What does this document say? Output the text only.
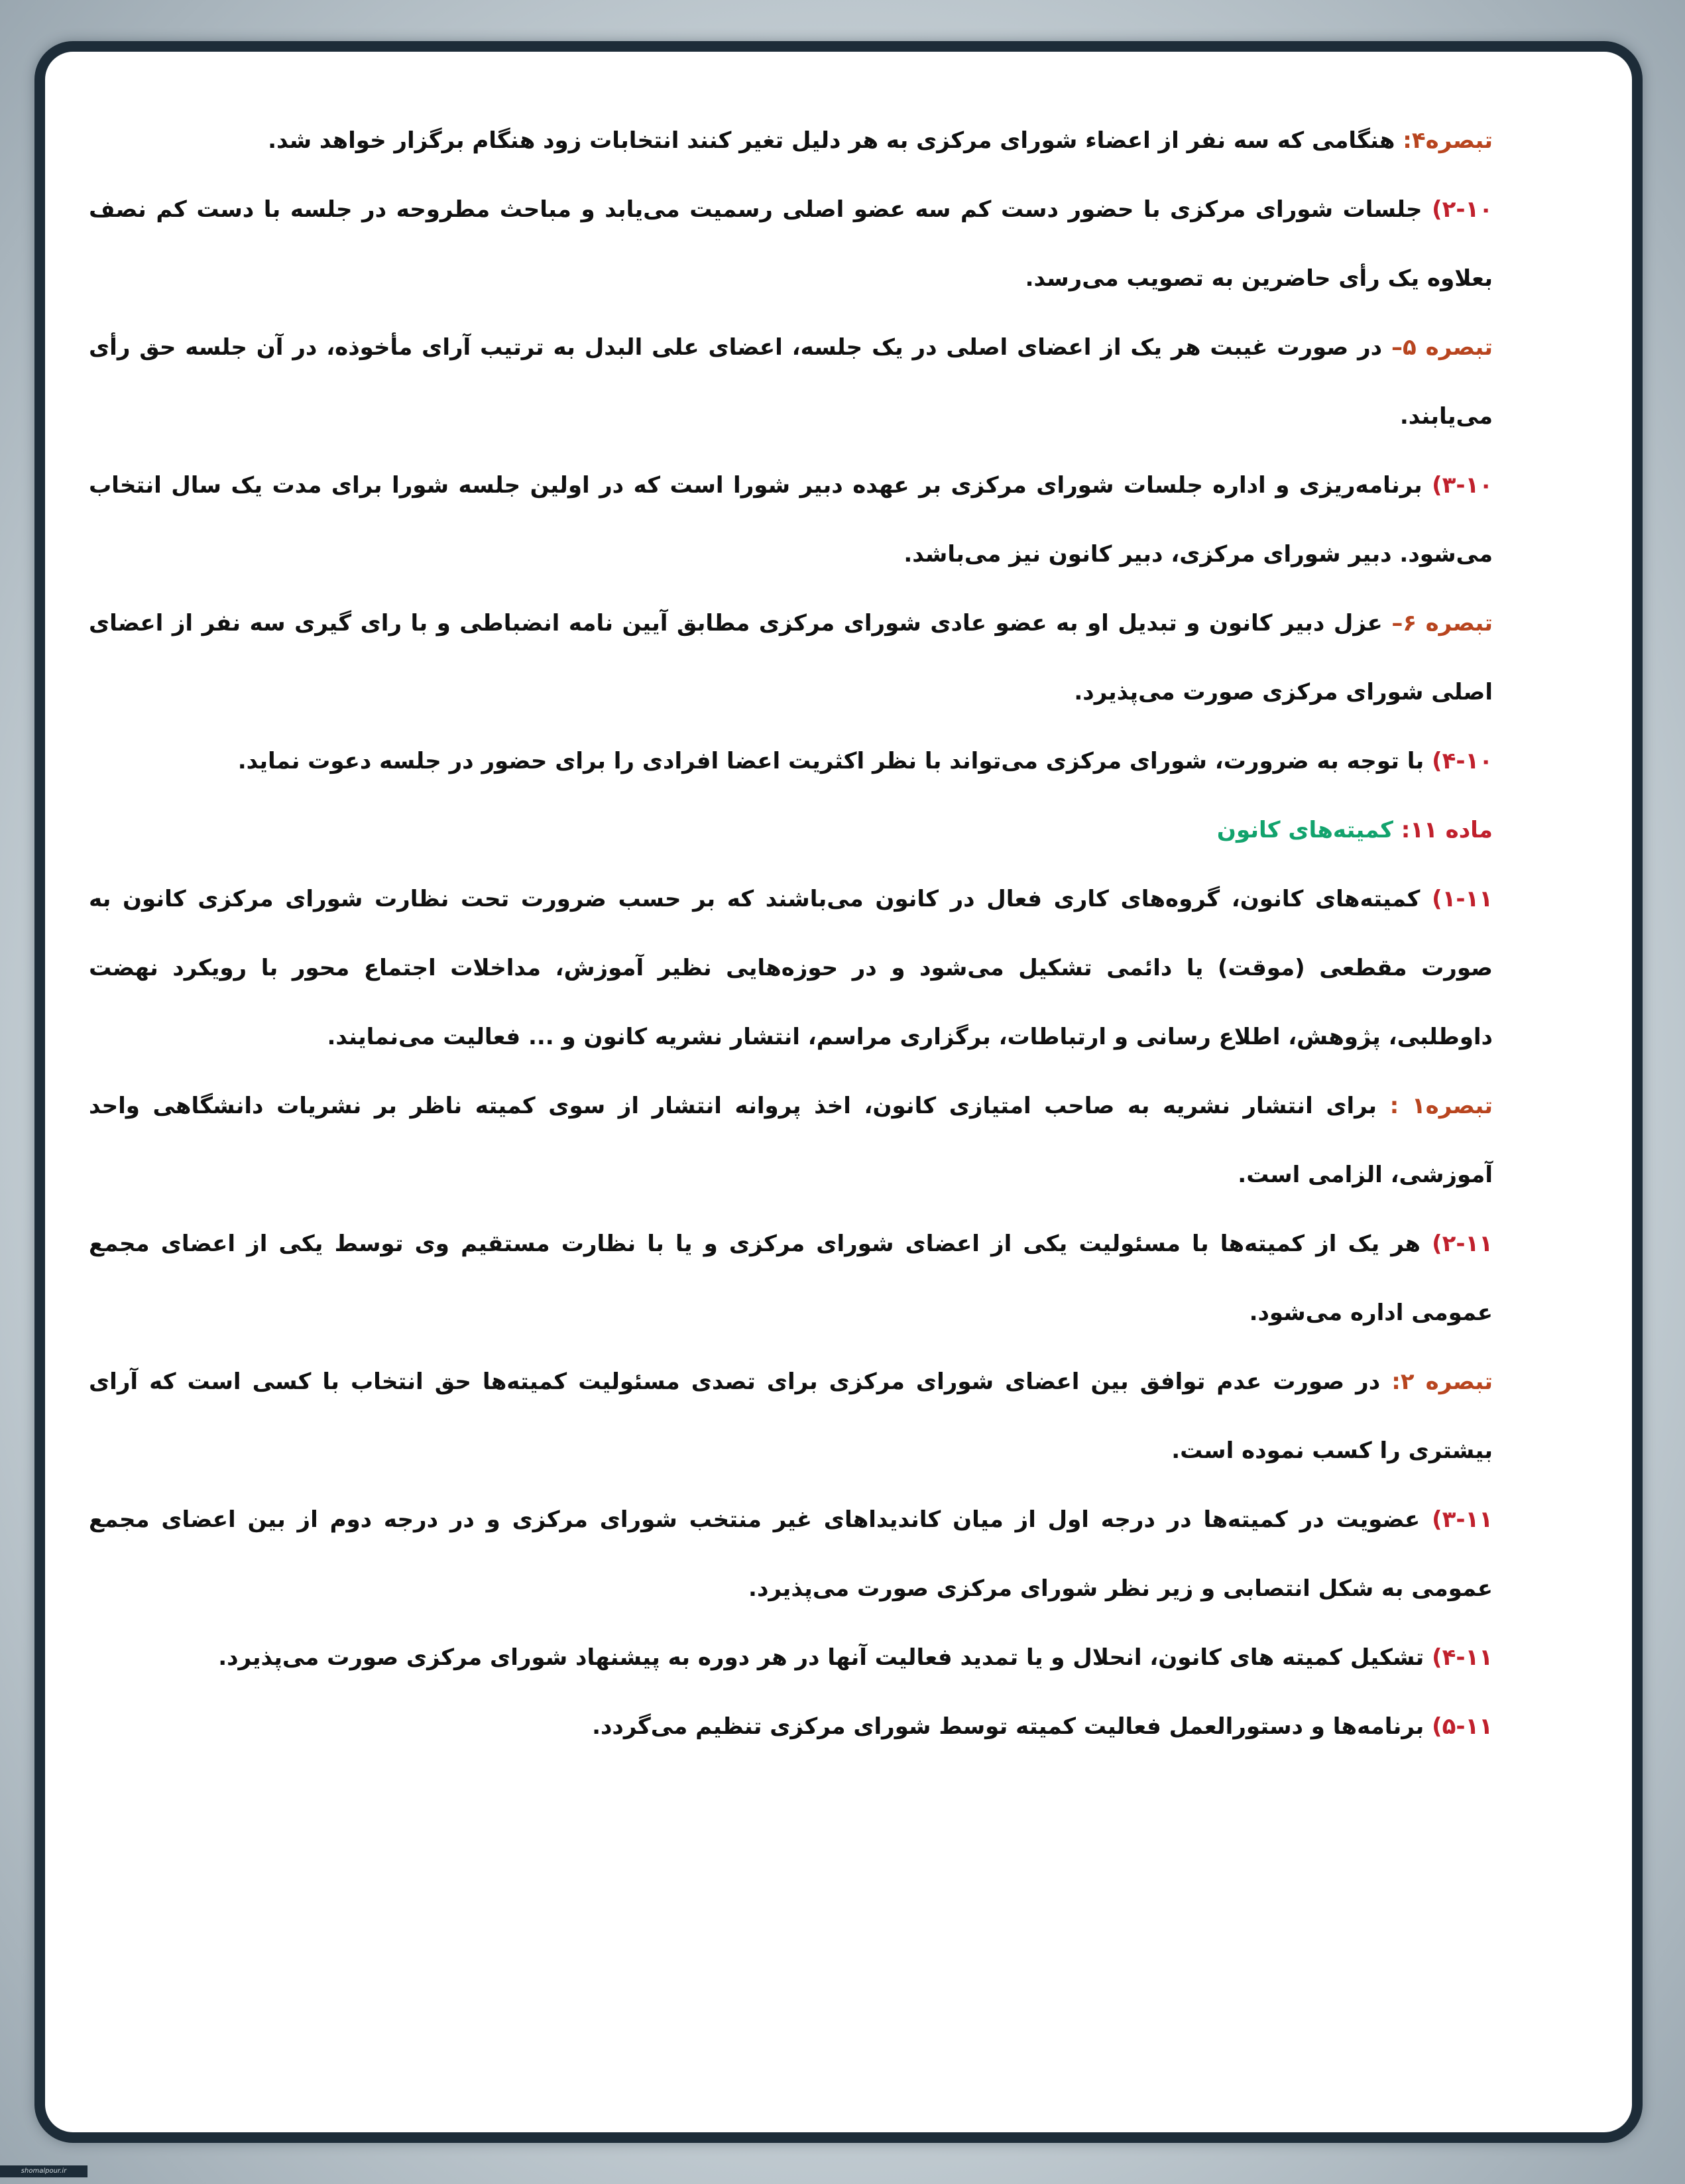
تبصره۴: هنگامی که سه نفر از اعضاء شورای مرکزی به هر دلیل تغیر کنند انتخابات زود هنگام برگزار خواهد شد.

۲-۱۰) جلسات شورای مرکزی با حضور دست کم سه عضو اصلی رسمیت می‌یابد و مباحث مطروحه در جلسه با دست کم نصف بعلاوه یک رأی حاضرین به تصویب می‌رسد.

تبصره ۵– در صورت غیبت هر یک از اعضای اصلی در یک جلسه، اعضای علی البدل به ترتیب آرای مأخوذه، در آن جلسه حق رأی می‌یابند.

۳-۱۰) برنامه‌ریزی و اداره جلسات شورای مرکزی بر عهده دبیر شورا است که در اولین جلسه شورا برای مدت یک سال انتخاب می‌شود. دبیر شورای مرکزی، دبیر کانون نیز می‌باشد.

تبصره ۶– عزل دبیر کانون و تبدیل او به عضو عادی شورای مرکزی مطابق آیین نامه انضباطی و با رای گیری سه نفر از اعضای اصلی شورای مرکزی صورت می‌پذیرد.

۴-۱۰) با توجه به ضرورت، شورای مرکزی می‌تواند با نظر اکثریت اعضا افرادی را برای حضور در جلسه دعوت نماید.

ماده ۱۱: کمیته‌های کانون

۱-۱۱) کمیته‌های کانون، گروه‌های کاری فعال در کانون می‌باشند که بر حسب ضرورت تحت نظارت شورای مرکزی کانون به صورت مقطعی (موقت) یا دائمی تشکیل می‌شود و در حوزه‌هایی نظیر آموزش، مداخلات اجتماع محور با رویکرد نهضت داوطلبی، پژوهش، اطلاع رسانی و ارتباطات، برگزاری مراسم، انتشار نشریه کانون و ... فعالیت می‌نمایند.

تبصره۱ : برای انتشار نشریه به صاحب امتیازی کانون، اخذ پروانه انتشار از سوی کمیته ناظر بر نشریات دانشگاهی واحد آموزشی، الزامی است.

۲-۱۱) هر یک از کمیته‌ها با مسئولیت یکی از اعضای شورای مرکزی و یا با نظارت مستقیم وی توسط یکی از اعضای مجمع عمومی اداره می‌شود.

تبصره ۲: در صورت عدم توافق بین اعضای شورای مرکزی برای تصدی مسئولیت کمیته‌ها حق انتخاب با کسی است که آرای بیشتری را کسب نموده است.

۳-۱۱) عضویت در کمیته‌ها در درجه اول از میان کاندیداهای غیر منتخب شورای مرکزی و در درجه دوم از بین اعضای مجمع عمومی به شکل انتصابی و زیر نظر شورای مرکزی صورت می‌پذیرد.

۴-۱۱) تشکیل کمیته های کانون، انحلال و یا تمدید فعالیت آنها در هر دوره به پیشنهاد شورای مرکزی صورت می‌پذیرد.

۵-۱۱) برنامه‌ها و دستورالعمل فعالیت کمیته توسط شورای مرکزی تنظیم می‌گردد.

shomalpour.ir
